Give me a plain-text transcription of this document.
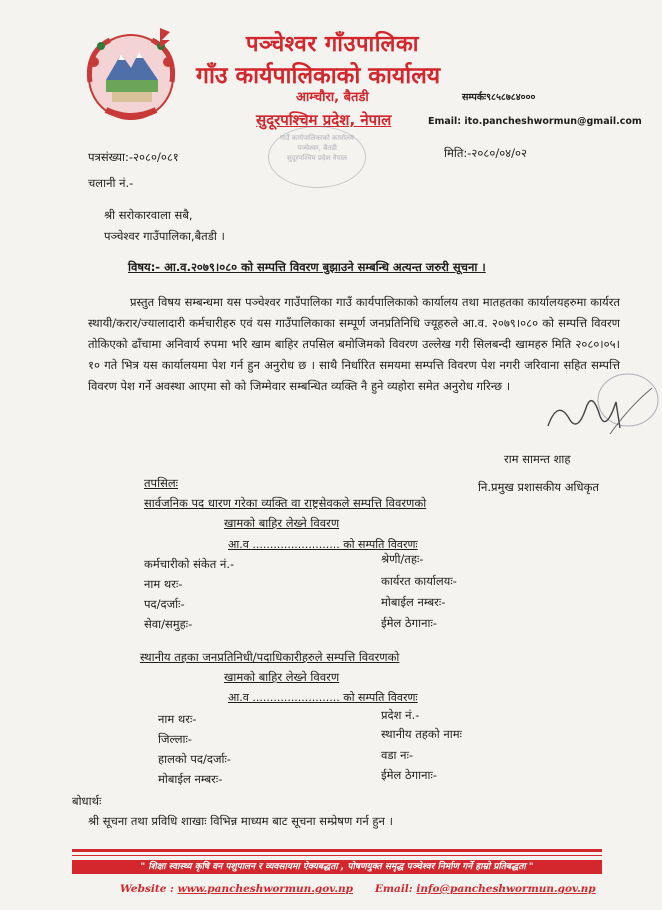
पञ्चेश्वर गाँउपालिका
गाँउ कार्यपालिकाको कार्यालय
आम्चौरा, बैतडी
सुदूरपश्चिम प्रदेश, नेपाल
सम्पर्कः९८५८७८४०००
Email: ito.pancheshwormun@gmail.com
गाउँ कार्यपालिकाको कार्यालय
पञ्चेश्वर, बैतडी
सुदूरपश्चिम प्रदेश नेपाल
पत्रसंख्या:-२०८०/०८१
चलानी नं.-
मिति:-२०८०/०४/०२
श्री सरोकारवाला सबै,
पञ्चेश्वर गाउँपालिका,बैतडी ।
विषय:- आ.व.२०७९।०८० को सम्पत्ति विवरण बुझाउने सम्बन्धि अत्यन्त जरुरी सूचना ।

प्रस्तुत विषय सम्बन्धमा यस पञ्चेश्वर गाउँपालिका गाउँ कार्यपालिकाको कार्यालय तथा मातहतका कार्यालयहरुमा कार्यरत स्थायी/करार/ज्यालादारी कर्मचारीहरु एवं यस गाउँपालिकाका सम्पूर्ण जनप्रतिनिधि ज्यूहरुले आ.व. २०७९।०८० को सम्पत्ति विवरण तोकिएको ढाँचामा अनिवार्य रुपमा भरि खाम बाहिर तपसिल बमोजिमको विवरण उल्लेख गरी सिलबन्दी खामहरु मिति २०८०।०५।१० गते भित्र यस कार्यालयमा पेश गर्न हुन अनुरोध छ । साथै निर्धारित समयमा सम्पत्ति विवरण पेश नगरी जरिवाना सहित सम्पत्ति विवरण पेश गर्ने अवस्था आएमा सो को जिम्मेवार सम्बन्धित व्यक्ति नै हुने व्यहोरा समेत अनुरोध गरिन्छ ।

राम सामन्त शाह
नि.प्रमुख प्रशासकीय अधिकृत
तपसिलः
सार्वजनिक पद धारण गरेका व्यक्ति वा राष्ट्रसेवकले सम्पत्ति विवरणको
खामको बाहिर लेख्ने विवरण
आ.व ......................... को सम्पति विवरणः
कर्मचारीको संकेत नं.-
नाम थरः-
पद/दर्जाः-
सेवा/समुहः-
श्रेणी/तहः-
कार्यरत कार्यालयः-
मोबाईल नम्बरः-
ईमेल ठेगानाः-
स्थानीय तहका जनप्रतिनिधी/पदाधिकारीहरुले सम्पत्ति विवरणको
खामको बाहिर लेख्ने विवरण
आ.व ......................... को सम्पति विवरणः
नाम थरः-
जिल्लाः-
हालको पद/दर्जाः-
मोबाईल नम्बरः-
प्रदेश नं.-
स्थानीय तहको नामः
वडा नः-
ईमेल ठेगानाः-
बोधार्थः
श्री सूचना तथा प्रविधि शाखाः विभिन्न माध्यम बाट सूचना सम्प्रेषण गर्न हुन ।
" शिक्षा स्वास्थ्य कृषि वन पशुपालन र व्यवसायमा ऐक्यबद्धता , पोषणयुक्त समृद्ध पञ्चेश्वर निर्माण गर्ने हाम्रो प्रतिबद्धता "
Website : www.pancheshwormun.gov.np Email: info@pancheshwormun.gov.np
